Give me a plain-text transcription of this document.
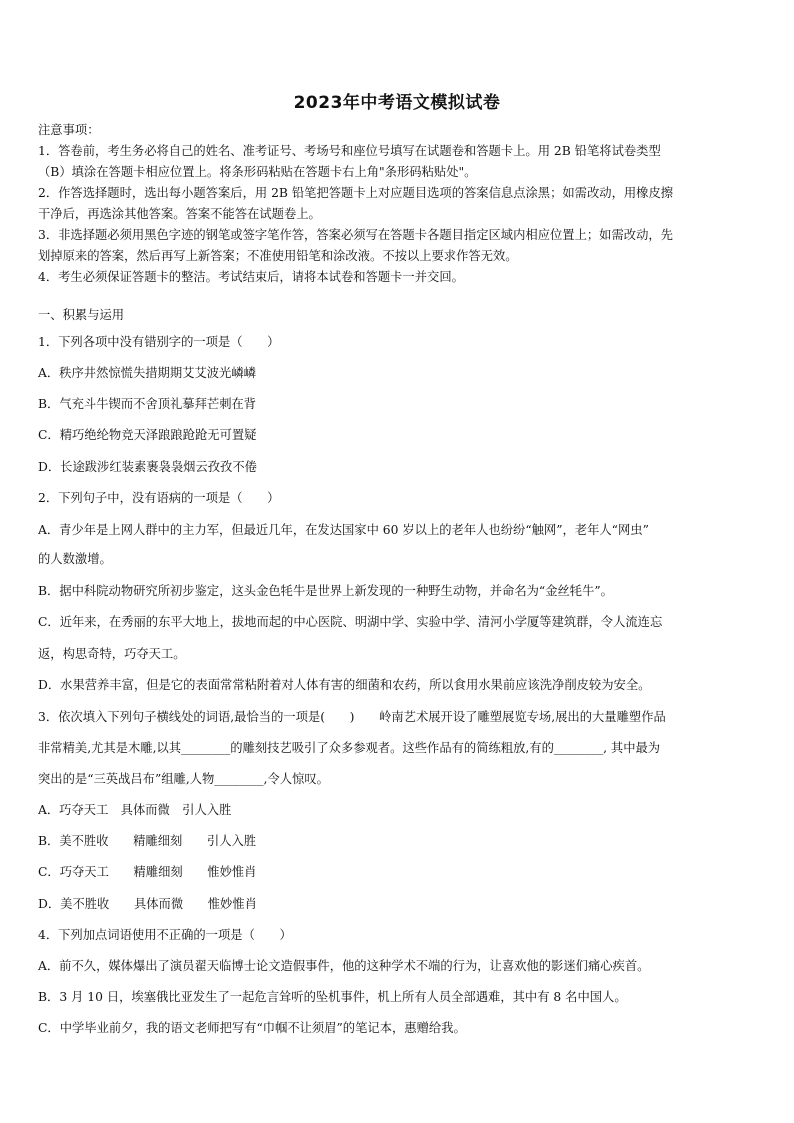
2023年中考语文模拟试卷
注意事项：
1．答卷前，考生务必将自己的姓名、准考证号、考场号和座位号填写在试题卷和答题卡上。用 2B 铅笔将试卷类型
（B）填涂在答题卡相应位置上。将条形码粘贴在答题卡右上角"条形码粘贴处"。
2．作答选择题时，选出每小题答案后，用 2B 铅笔把答题卡上对应题目选项的答案信息点涂黑；如需改动，用橡皮擦
干净后，再选涂其他答案。答案不能答在试题卷上。
3．非选择题必须用黑色字迹的钢笔或签字笔作答，答案必须写在答题卡各题目指定区域内相应位置上；如需改动，先
划掉原来的答案，然后再写上新答案；不准使用铅笔和涂改液。不按以上要求作答无效。
4．考生必须保证答题卡的整洁。考试结束后，请将本试卷和答题卡一并交回。
一、积累与运用
1．下列各项中没有错别字的一项是（　　）
A．秩序井然惊慌失措期期艾艾波光嶙嶙
B．气充斗牛锲而不舍顶礼摹拜芒刺在背
C．精巧绝纶物竞天泽踉踉跄跄无可置疑
D．长途跋涉红装素裹袅袅烟云孜孜不倦
2．下列句子中，没有语病的一项是（　　）
A．青少年是上网人群中的主力军，但最近几年，在发达国家中 60 岁以上的老年人也纷纷“触网”，老年人“网虫”
的人数激增。
B．据中科院动物研究所初步鉴定，这头金色牦牛是世界上新发现的一种野生动物，并命名为“金丝牦牛”。
C．近年来，在秀丽的东平大地上，拔地而起的中心医院、明湖中学、实验中学、清河小学厦等建筑群，令人流连忘
返，构思奇特，巧夺天工。
D．水果营养丰富，但是它的表面常常粘附着对人体有害的细菌和农药，所以食用水果前应该洗净削皮较为安全。
3．依次填入下列句子横线处的词语,最恰当的一项是(　　)　　岭南艺术展开设了雕塑展览专场,展出的大量雕塑作品
非常精美,尤其是木雕,以其________的雕刻技艺吸引了众多参观者。这些作品有的简练粗放,有的________, 其中最为
突出的是“三英战吕布”组雕,人物________,令人惊叹。
A．巧夺天工　具体而微　引人入胜
B．美不胜收　　精雕细刻　　引人入胜
C．巧夺天工　　精雕细刻　　惟妙惟肖
D．美不胜收　　具体而微　　惟妙惟肖
4．下列加点词语使用不正确的一项是（　　）
A．前不久，媒体爆出了演员翟天临博士论文造假事件，他的这种学术不端的行为，让喜欢他的影迷们痛心疾首。
B．3 月 10 日，埃塞俄比亚发生了一起危言耸听的坠机事件，机上所有人员全部遇难，其中有 8 名中国人。
C．中学毕业前夕，我的语文老师把写有“巾帼不让须眉”的笔记本，惠赠给我。
